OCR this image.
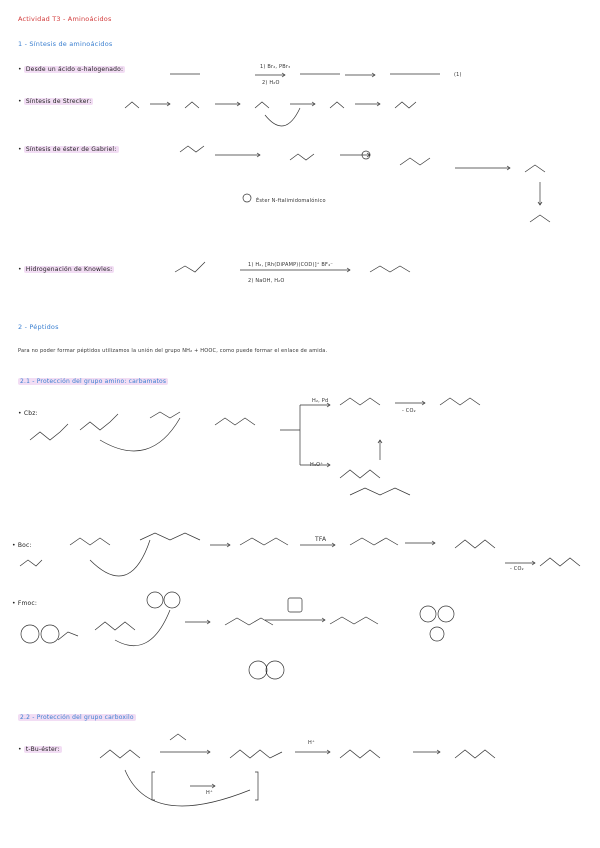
Actividad T3 - Aminoácidos
1 - Síntesis de aminoácidos
• Desde un ácido α-halogenado:
• Síntesis de Strecker:
• Síntesis de éster de Gabriel:
• Hidrogenación de Knowles:
1) Br₂, PBr₃
2) H₂O
(1)
Éster N-ftalimidomalónico
1) H₂, [Rh(DiPAMP)(COD)]⁺ BF₄⁻
2) NaOH, H₂O
2 - Péptidos
Para no poder formar péptidos utilizamos la unión del grupo NH₂ + HOOC, como puede formar el enlace de amida.
2.1 - Protección del grupo amino: carbamatos
• Cbz:
• Boc:
• Fmoc:
2.2 - Protección del grupo carboxilo
• t-Bu-éster:
H₂, Pd
- CO₂
H₃O⁺
TFA
- CO₂
H⁺
H⁺
